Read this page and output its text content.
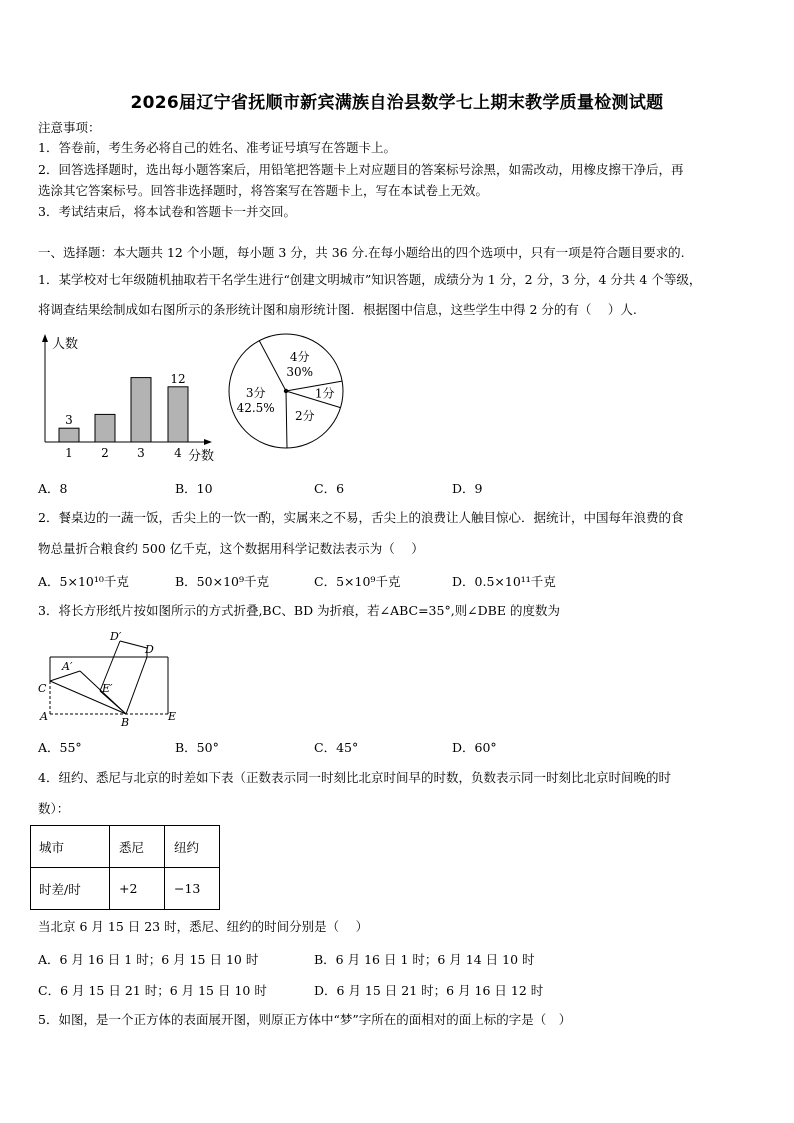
2026届辽宁省抚顺市新宾满族自治县数学七上期末教学质量检测试题
注意事项：
1．答卷前，考生务必将自己的姓名、准考证号填写在答题卡上。
2．回答选择题时，选出每小题答案后，用铅笔把答题卡上对应题目的答案标号涂黑，如需改动，用橡皮擦干净后，再
选涂其它答案标号。回答非选择题时，将答案写在答题卡上，写在本试卷上无效。
3．考试结束后，将本试卷和答题卡一并交回。
一、选择题：本大题共 12 个小题，每小题 3 分，共 36 分.在每小题给出的四个选项中，只有一项是符合题目要求的.
1．某学校对七年级随机抽取若干名学生进行“创建文明城市”知识答题，成绩分为 1 分，2 分，3 分，4 分共 4 个等级，
将调查结果绘制成如右图所示的条形统计图和扇形统计图．根据图中信息，这些学生中得 2 分的有（　 ）人.
人数
分数
1
3
2 3 4
12
4分
30%
1分
2分
3分
42.5%
A．8	B．10	C．6	D．9
2．餐桌边的一蔬一饭，舌尖上的一饮一酌，实属来之不易，舌尖上的浪费让人触目惊心．据统计，中国每年浪费的食
物总量折合粮食约 500 亿千克，这个数据用科学记数法表示为（　 ）
A．5×10¹⁰千克	B．50×10⁹千克	C．5×10⁹千克	D．0.5×10¹¹千克
3．将长方形纸片按如图所示的方式折叠,BC、BD 为折痕，若∠ABC=35°,则∠DBE 的度数为
D′
D
A′
C	E′
A	B	E
A．55°	B．50°	C．45°	D．60°
4．纽约、悉尼与北京的时差如下表（正数表示同一时刻比北京时间早的时数，负数表示同一时刻比北京时间晚的时
数）：
城市	悉尼	纽约
时差/时	+2	−13
当北京 6 月 15 日 23 时，悉尼、纽约的时间分别是（　 ）
A．6 月 16 日 1 时；6 月 15 日 10 时	B．6 月 16 日 1 时；6 月 14 日 10 时
C．6 月 15 日 21 时；6 月 15 日 10 时	D．6 月 15 日 21 时；6 月 16 日 12 时
5．如图，是一个正方体的表面展开图，则原正方体中“梦”字所在的面相对的面上标的字是（　）
